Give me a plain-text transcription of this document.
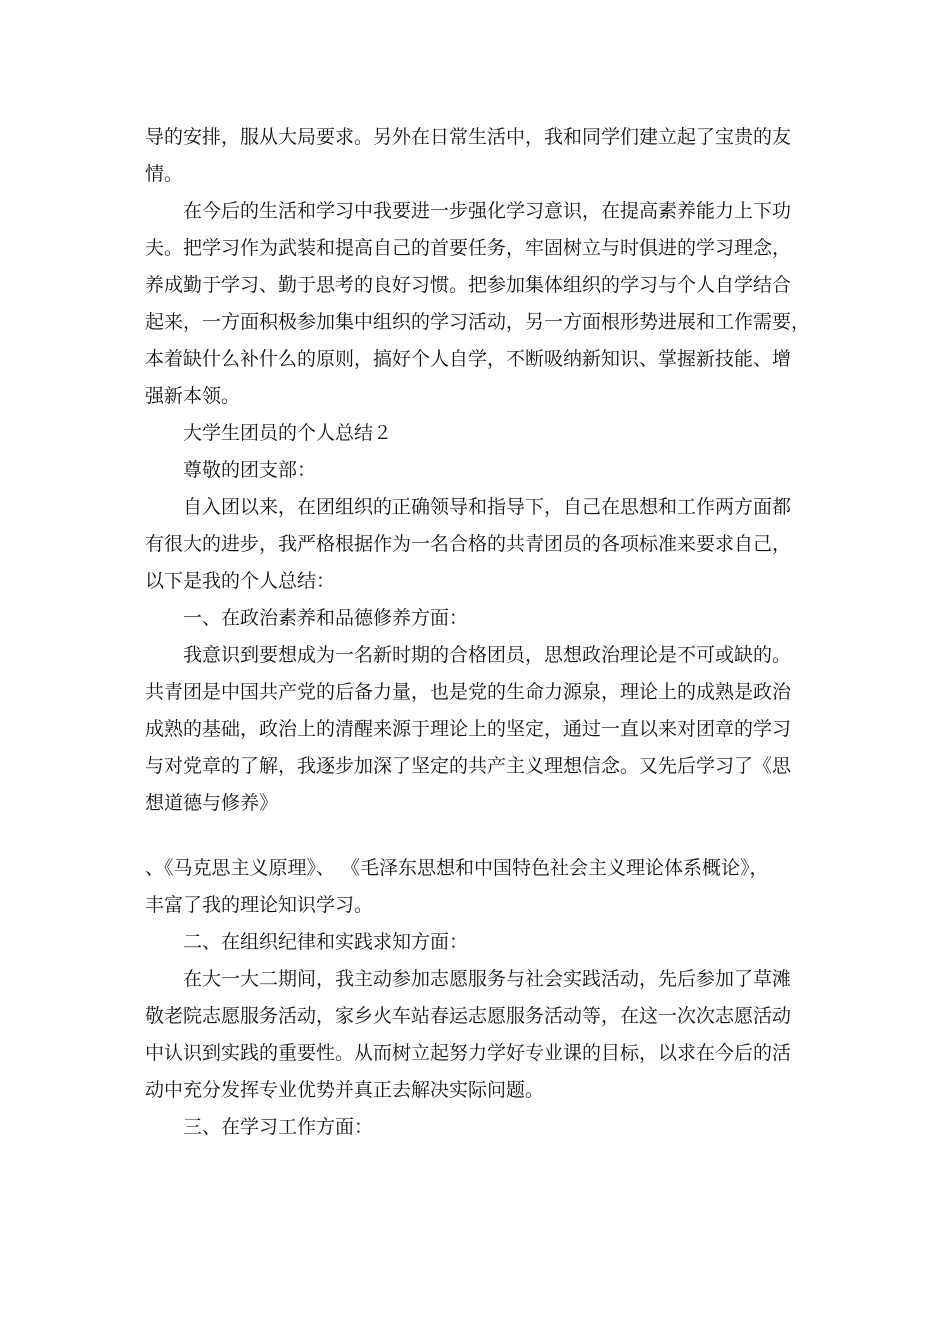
导的安排，服从大局要求。另外在日常生活中，我和同学们建立起了宝贵的友
情。
在今后的生活和学习中我要进一步强化学习意识，在提高素养能力上下功
夫。把学习作为武装和提高自己的首要任务，牢固树立与时俱进的学习理念，
养成勤于学习、勤于思考的良好习惯。把参加集体组织的学习与个人自学结合
起来，一方面积极参加集中组织的学习活动，另一方面根形势进展和工作需要，
本着缺什么补什么的原则，搞好个人自学，不断吸纳新知识、掌握新技能、增
强新本领。
大学生团员的个人总结２
尊敬的团支部：
自入团以来，在团组织的正确领导和指导下，自己在思想和工作两方面都
有很大的进步，我严格根据作为一名合格的共青团员的各项标准来要求自己，
以下是我的个人总结：
一、在政治素养和品德修养方面：
我意识到要想成为一名新时期的合格团员，思想政治理论是不可或缺的。
共青团是中国共产党的后备力量，也是党的生命力源泉，理论上的成熟是政治
成熟的基础，政治上的清醒来源于理论上的坚定，通过一直以来对团章的学习
与对党章的了解，我逐步加深了坚定的共产主义理想信念。又先后学习了《思
想道德与修养》
、《马克思主义原理》、 《毛泽东思想和中国特色社会主义理论体系概论》，
丰富了我的理论知识学习。
二、在组织纪律和实践求知方面：
在大一大二期间，我主动参加志愿服务与社会实践活动，先后参加了草滩
敬老院志愿服务活动，家乡火车站春运志愿服务活动等，在这一次次志愿活动
中认识到实践的重要性。从而树立起努力学好专业课的目标，以求在今后的活
动中充分发挥专业优势并真正去解决实际问题。
三、在学习工作方面：
